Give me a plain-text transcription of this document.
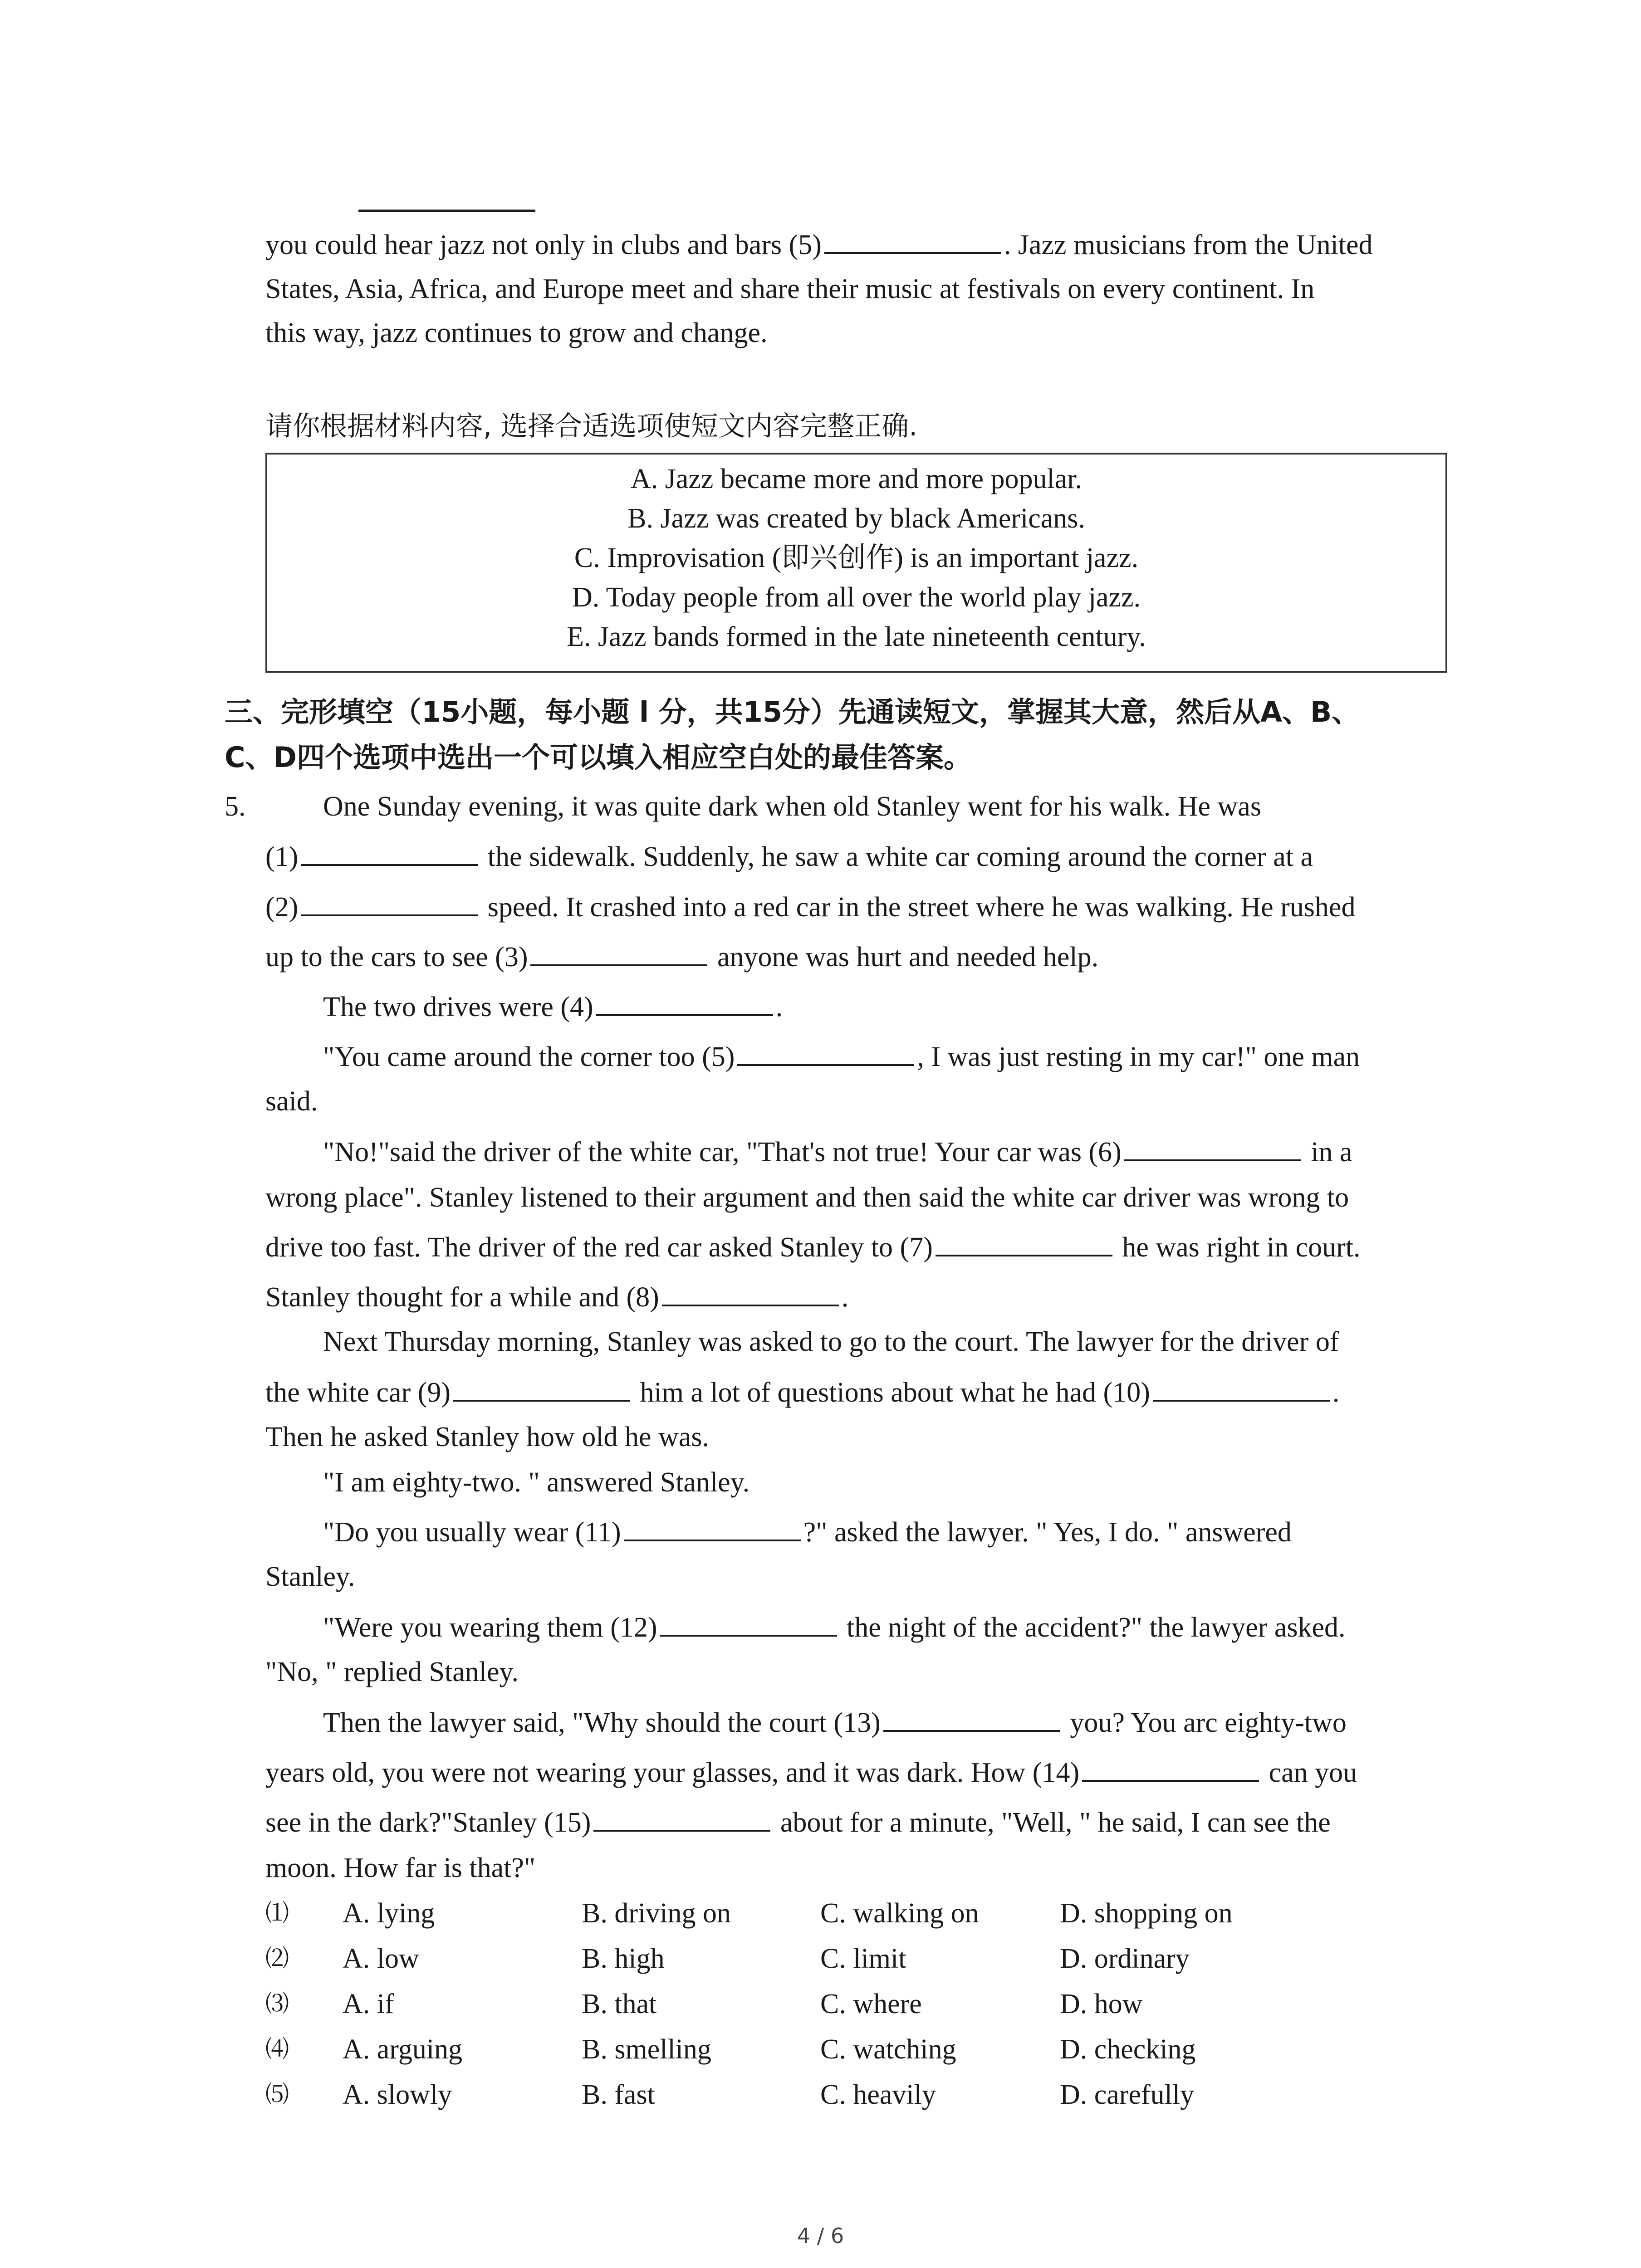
you could hear jazz not only in clubs and bars (5)	. Jazz musicians from the United
States, Asia, Africa, and Europe meet and share their music at festivals on every continent. In
this way, jazz continues to grow and change.
请你根据材料内容, 选择合适选项使短文内容完整正确.
A. Jazz became more and more popular.
B. Jazz was created by black Americans.
C. Improvisation (即兴创作) is an important jazz.
D. Today people from all over the world play jazz.
E. Jazz bands formed in the late nineteenth century.
三、完形填空（15小题，每小题 l 分，共15分）先通读短文，掌握其大意，然后从A、B、
C、D四个选项中选出一个可以填入相应空白处的最佳答案。
5.	One Sunday evening, it was quite dark when old Stanley went for his walk. He was
(1)	the sidewalk. Suddenly, he saw a white car coming around the corner at a
(2)	speed. It crashed into a red car in the street where he was walking. He rushed
up to the cars to see (3)	anyone was hurt and needed help.
The two drives were (4)	.
"You came around the corner too (5)	, I was just resting in my car!" one man
said.
"No!"said the driver of the white car, "That's not true! Your car was (6)	in a
wrong place". Stanley listened to their argument and then said the white car driver was wrong to
drive too fast. The driver of the red car asked Stanley to (7)	he was right in court.
Stanley thought for a while and (8)	.
Next Thursday morning, Stanley was asked to go to the court. The lawyer for the driver of
the white car (9)	him a lot of questions about what he had (10)	.
Then he asked Stanley how old he was.
"I am eighty-two. " answered Stanley.
"Do you usually wear (11)	?" asked the lawyer. " Yes, I do. " answered
Stanley.
"Were you wearing them (12)	the night of the accident?" the lawyer asked.
"No, " replied Stanley.
Then the lawyer said, "Why should the court (13)	you? You arc eighty-two
years old, you were not wearing your glasses, and it was dark. How (14)	can you
see in the dark?"Stanley (15)	about for a minute, "Well, " he said, I can see the
moon. How far is that?"
⑴ A. lying	B. driving on	C. walking on	D. shopping on
⑵ A. low	B. high	C. limit	D. ordinary
⑶ A. if	B. that	C. where	D. how
⑷ A. arguing	B. smelling	C. watching	D. checking
⑸ A. slowly	B. fast	C. heavily	D. carefully
4 / 6
